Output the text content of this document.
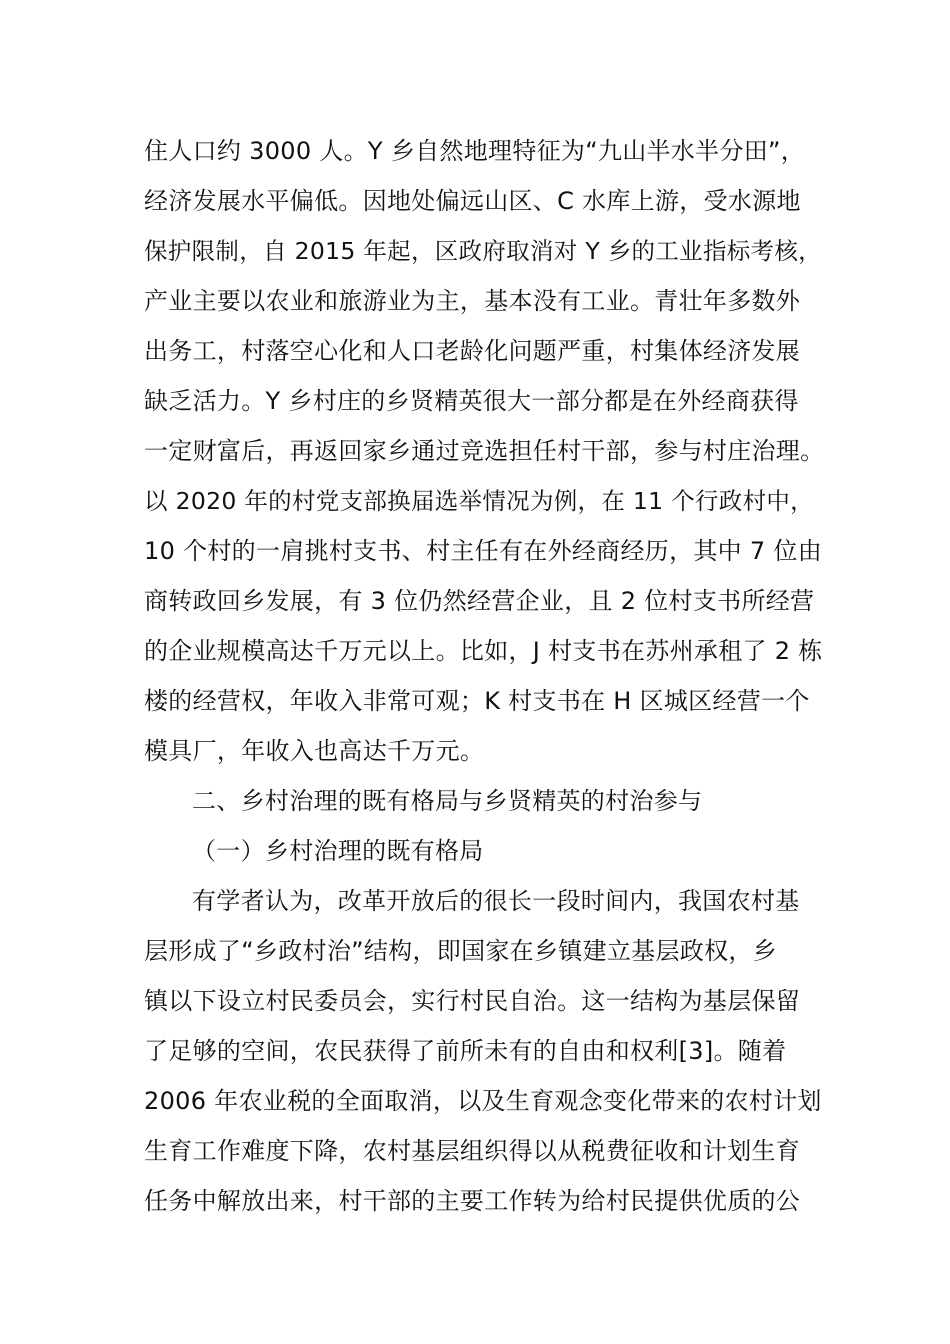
住人口约 3000 人。Y 乡自然地理特征为“九山半水半分田”，
经济发展水平偏低。因地处偏远山区、C 水库上游，受水源地
保护限制，自 2015 年起，区政府取消对 Y 乡的工业指标考核，
产业主要以农业和旅游业为主，基本没有工业。青壮年多数外
出务工，村落空心化和人口老龄化问题严重，村集体经济发展
缺乏活力。Y 乡村庄的乡贤精英很大一部分都是在外经商获得
一定财富后，再返回家乡通过竞选担任村干部，参与村庄治理。
以 2020 年的村党支部换届选举情况为例，在 11 个行政村中，
10 个村的一肩挑村支书、村主任有在外经商经历，其中 7 位由
商转政回乡发展，有 3 位仍然经营企业，且 2 位村支书所经营
的企业规模高达千万元以上。比如，J 村支书在苏州承租了 2 栋
楼的经营权，年收入非常可观；K 村支书在 H 区城区经营一个
模具厂，年收入也高达千万元。
二、乡村治理的既有格局与乡贤精英的村治参与
（一）乡村治理的既有格局
有学者认为，改革开放后的很长一段时间内，我国农村基
层形成了“乡政村治”结构，即国家在乡镇建立基层政权，乡
镇以下设立村民委员会，实行村民自治。这一结构为基层保留
了足够的空间，农民获得了前所未有的自由和权利[3]。随着
2006 年农业税的全面取消，以及生育观念变化带来的农村计划
生育工作难度下降，农村基层组织得以从税费征收和计划生育
任务中解放出来，村干部的主要工作转为给村民提供优质的公
